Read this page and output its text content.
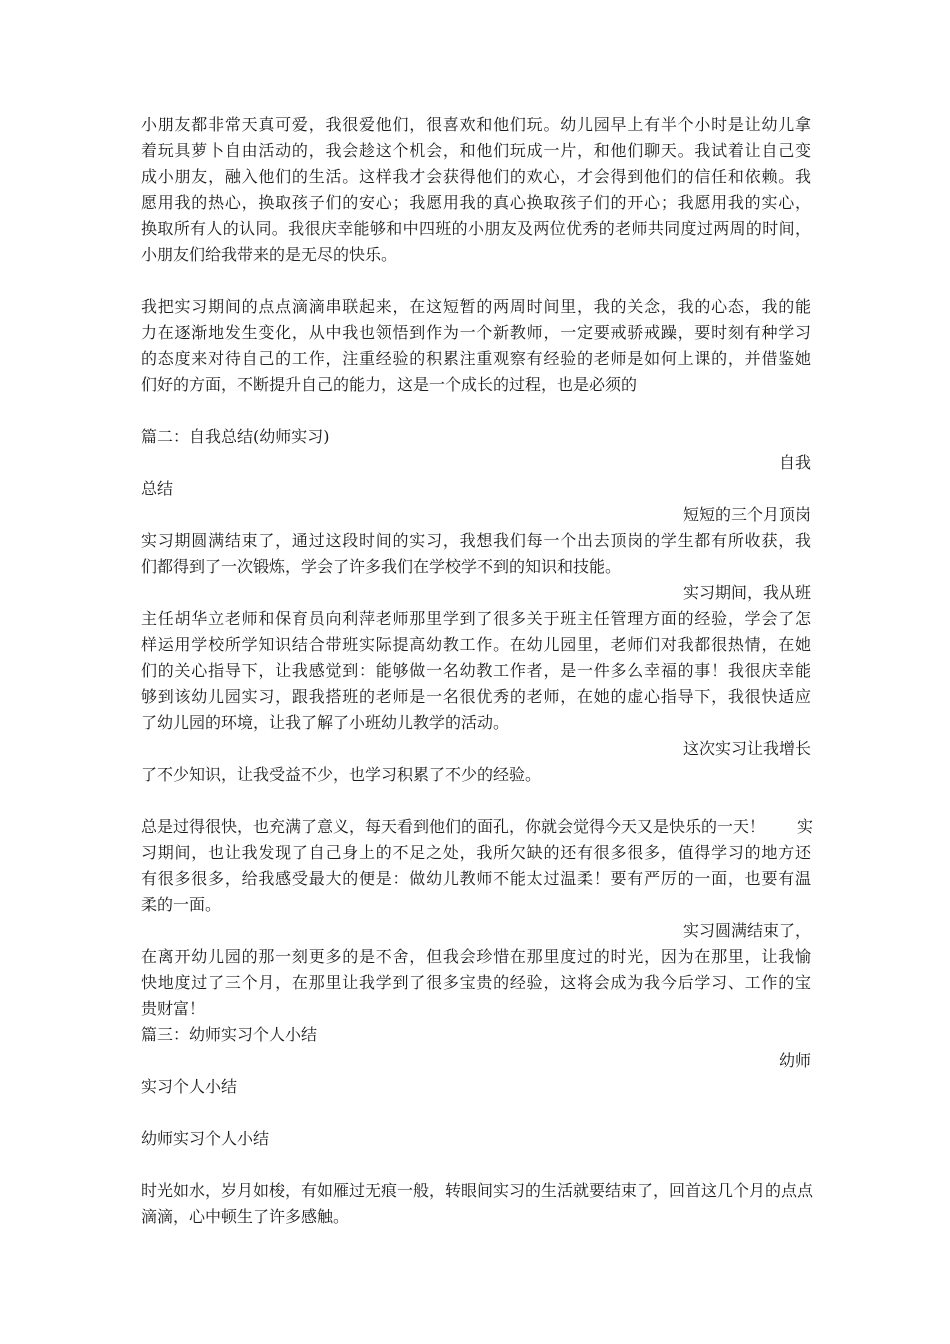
小朋友都非常天真可爱，我很爱他们，很喜欢和他们玩。幼儿园早上有半个小时是让幼儿拿
着玩具萝卜自由活动的，我会趁这个机会，和他们玩成一片，和他们聊天。我试着让自己变
成小朋友，融入他们的生活。这样我才会获得他们的欢心，才会得到他们的信任和依赖。我
愿用我的热心，换取孩子们的安心；我愿用我的真心换取孩子们的开心；我愿用我的实心，
换取所有人的认同。我很庆幸能够和中四班的小朋友及两位优秀的老师共同度过两周的时间，
小朋友们给我带来的是无尽的快乐。
我把实习期间的点点滴滴串联起来，在这短暂的两周时间里，我的关念，我的心态，我的能
力在逐渐地发生变化，从中我也领悟到作为一个新教师，一定要戒骄戒躁，要时刻有种学习
的态度来对待自己的工作，注重经验的积累注重观察有经验的老师是如何上课的，并借鉴她
们好的方面，不断提升自己的能力，这是一个成长的过程，也是必须的
篇二：自我总结(幼师实习)
自我
总结
短短的三个月顶岗
实习期圆满结束了，通过这段时间的实习，我想我们每一个出去顶岗的学生都有所收获，我
们都得到了一次锻炼，学会了许多我们在学校学不到的知识和技能。
实习期间，我从班
主任胡华立老师和保育员向利萍老师那里学到了很多关于班主任管理方面的经验，学会了怎
样运用学校所学知识结合带班实际提高幼教工作。在幼儿园里，老师们对我都很热情，在她
们的关心指导下，让我感觉到：能够做一名幼教工作者，是一件多么幸福的事！我很庆幸能
够到该幼儿园实习，跟我搭班的老师是一名很优秀的老师，在她的虚心指导下，我很快适应
了幼儿园的环境，让我了解了小班幼儿教学的活动。
这次实习让我增长
了不少知识，让我受益不少，也学习积累了不少的经验。
总是过得很快，也充满了意义，每天看到他们的面孔，你就会觉得今天又是快乐的一天！　　实
习期间，也让我发现了自己身上的不足之处，我所欠缺的还有很多很多，值得学习的地方还
有很多很多，给我感受最大的便是：做幼儿教师不能太过温柔！要有严厉的一面，也要有温
柔的一面。
实习圆满结束了，
在离开幼儿园的那一刻更多的是不舍，但我会珍惜在那里度过的时光，因为在那里，让我愉
快地度过了三个月，在那里让我学到了很多宝贵的经验，这将会成为我今后学习、工作的宝
贵财富！
篇三：幼师实习个人小结
幼师
实习个人小结
幼师实习个人小结
时光如水，岁月如梭，有如雁过无痕一般，转眼间实习的生活就要结束了，回首这几个月的点点
滴滴，心中顿生了许多感触。
